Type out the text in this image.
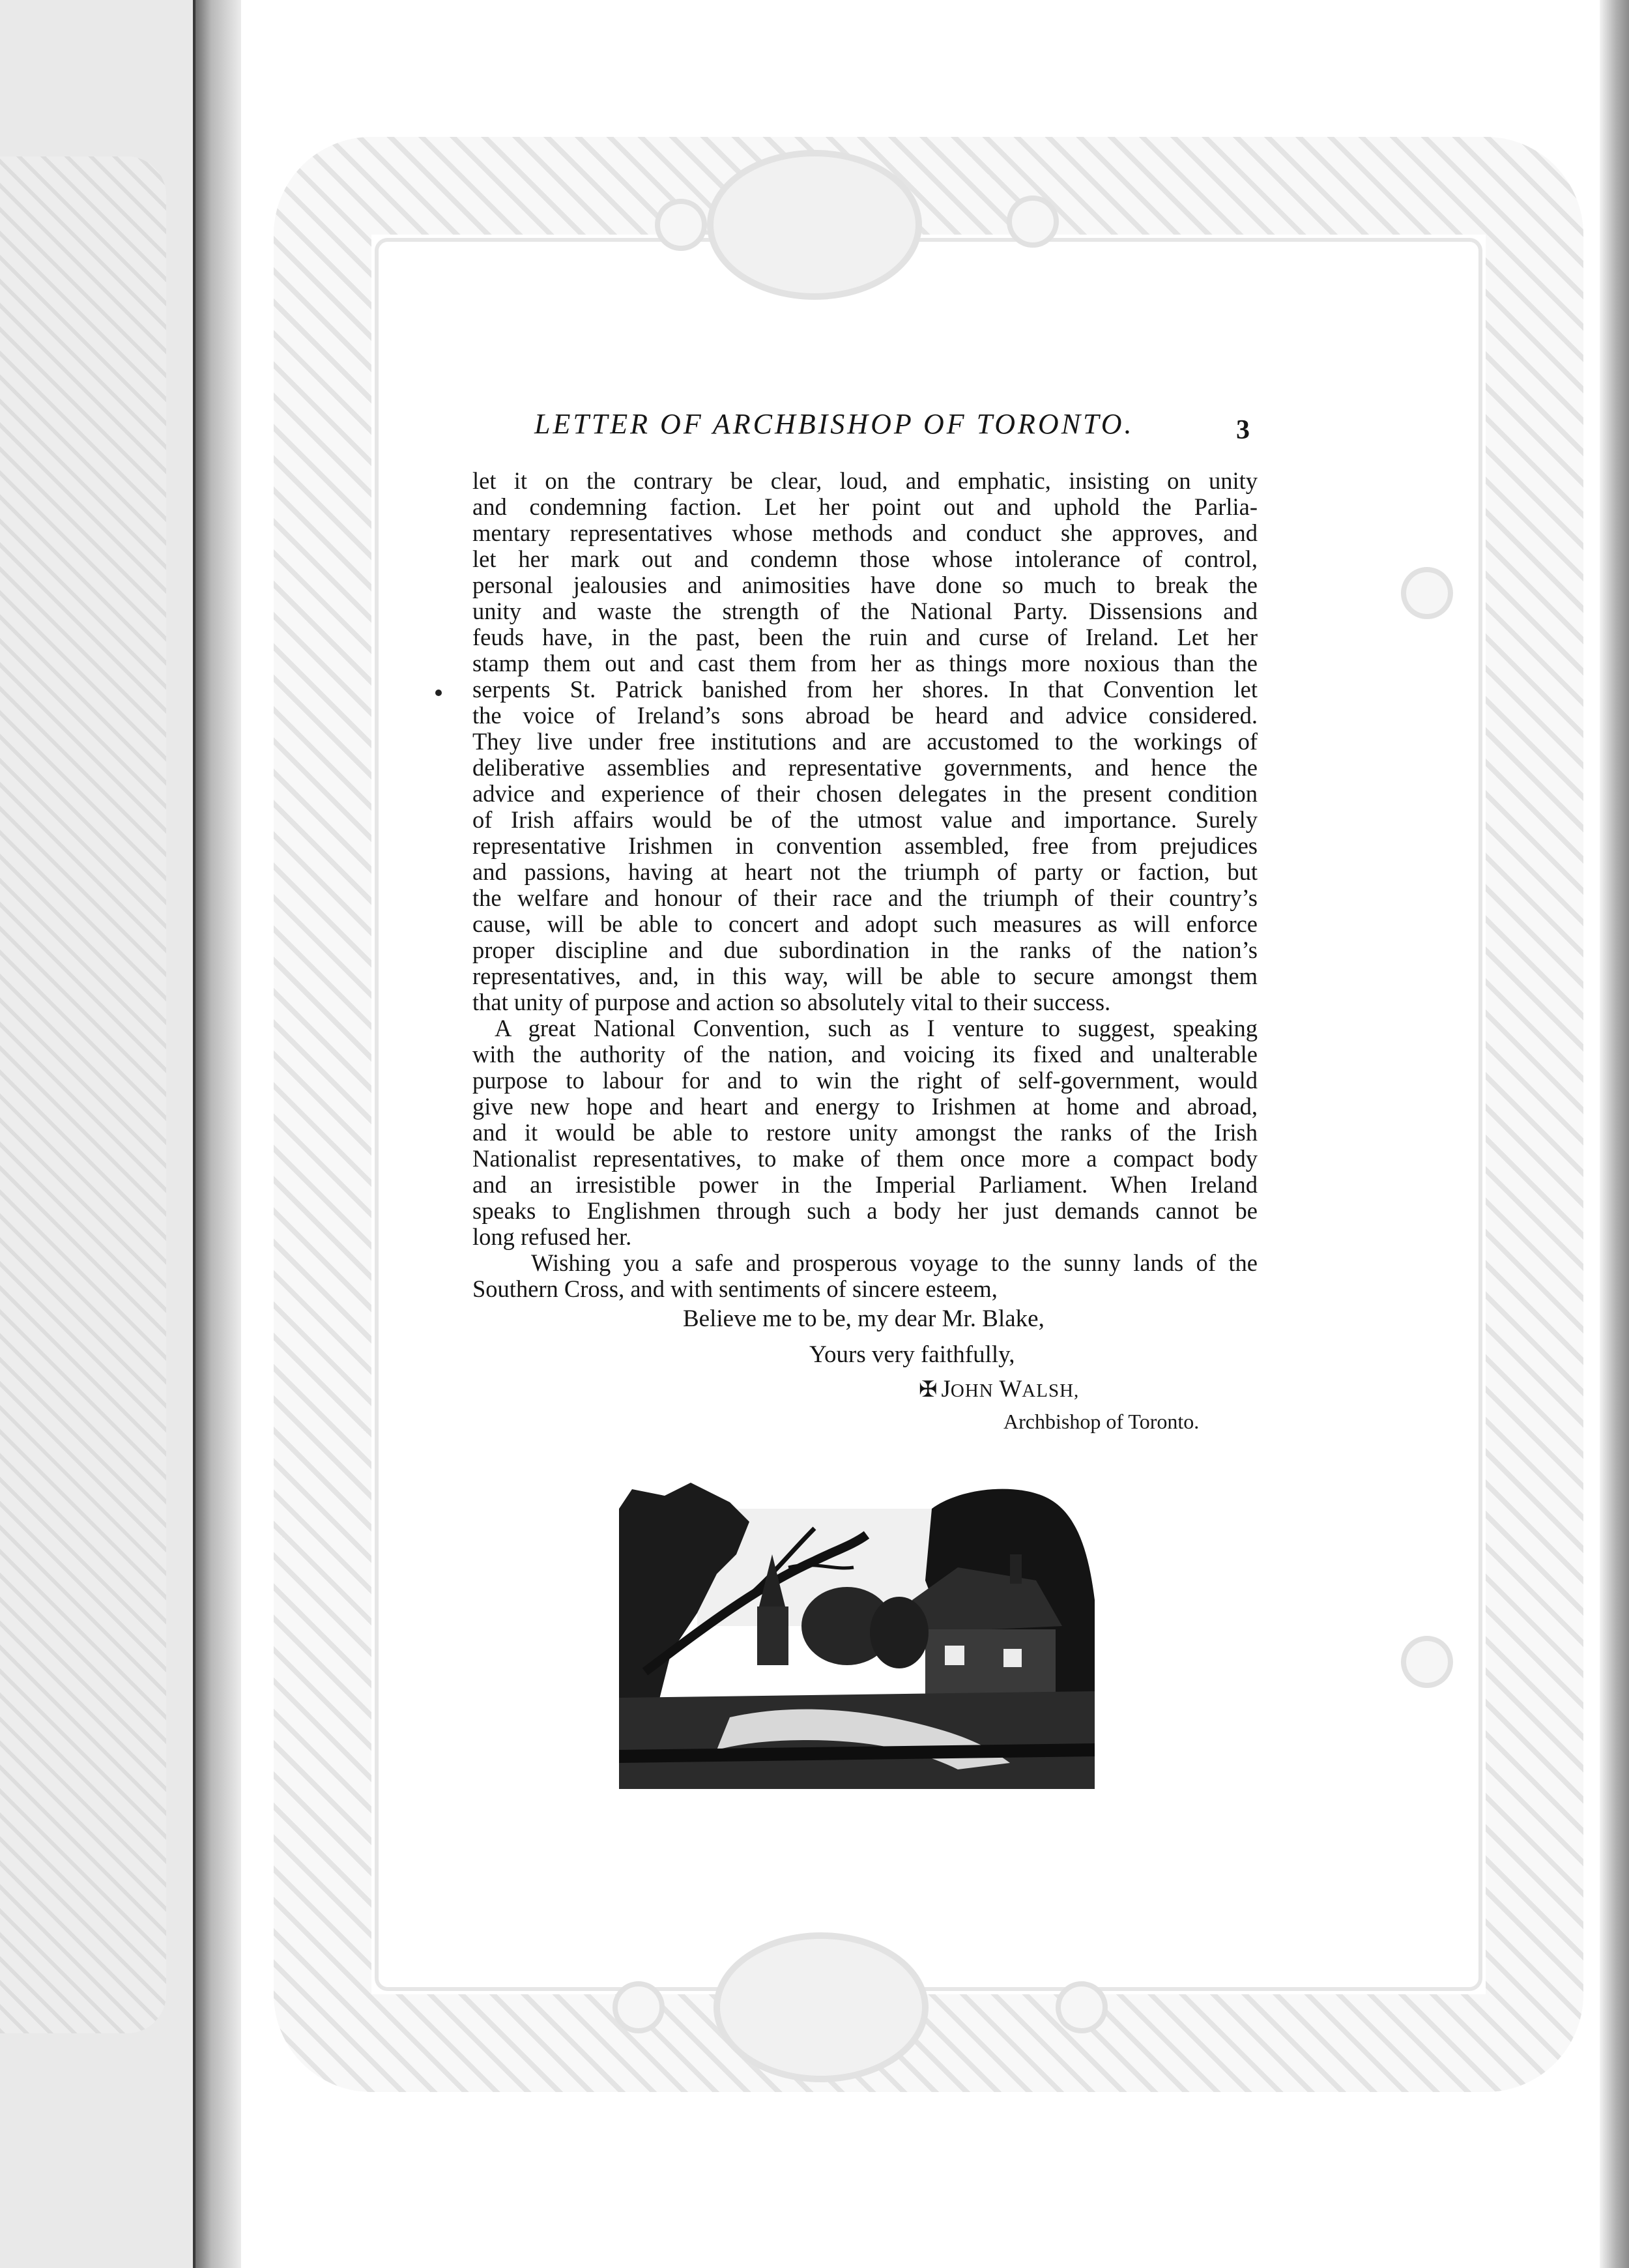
LETTER OF ARCHBISHOP OF TORONTO.	3

let it on the contrary be clear, loud, and emphatic, insisting on unity

and condemning faction. Let her point out and uphold the Parlia-

mentary representatives whose methods and conduct she approves, and

let her mark out and condemn those whose intolerance of control,

personal jealousies and animosities have done so much to break the

unity and waste the strength of the National Party. Dissensions and

feuds have, in the past, been the ruin and curse of Ireland. Let her

stamp them out and cast them from her as things more noxious than the

serpents St. Patrick banished from her shores. In that Convention let

the voice of Ireland’s sons abroad be heard and advice considered.

They live under free institutions and are accustomed to the workings of

deliberative assemblies and representative governments, and hence the

advice and experience of their chosen delegates in the present condition

of Irish affairs would be of the utmost value and importance. Surely

representative Irishmen in convention assembled, free from prejudices

and passions, having at heart not the triumph of party or faction, but

the welfare and honour of their race and the triumph of their country’s

cause, will be able to concert and adopt such measures as will enforce

proper discipline and due subordination in the ranks of the nation’s

representatives, and, in this way, will be able to secure amongst them

that unity of purpose and action so absolutely vital to their success.

A great National Convention, such as I venture to suggest, speaking

with the authority of the nation, and voicing its fixed and unalterable

purpose to labour for and to win the right of self-government, would

give new hope and heart and energy to Irishmen at home and abroad,

and it would be able to restore unity amongst the ranks of the Irish

Nationalist representatives, to make of them once more a compact body

and an irresistible power in the Imperial Parliament. When Ireland

speaks to Englishmen through such a body her just demands cannot be

long refused her.

Wishing you a safe and prosperous voyage to the sunny lands of the

Southern Cross, and with sentiments of sincere esteem,

Believe me to be, my dear Mr. Blake,
Yours very faithfully,
✠ JOHN WALSH,
Archbishop of Toronto.
